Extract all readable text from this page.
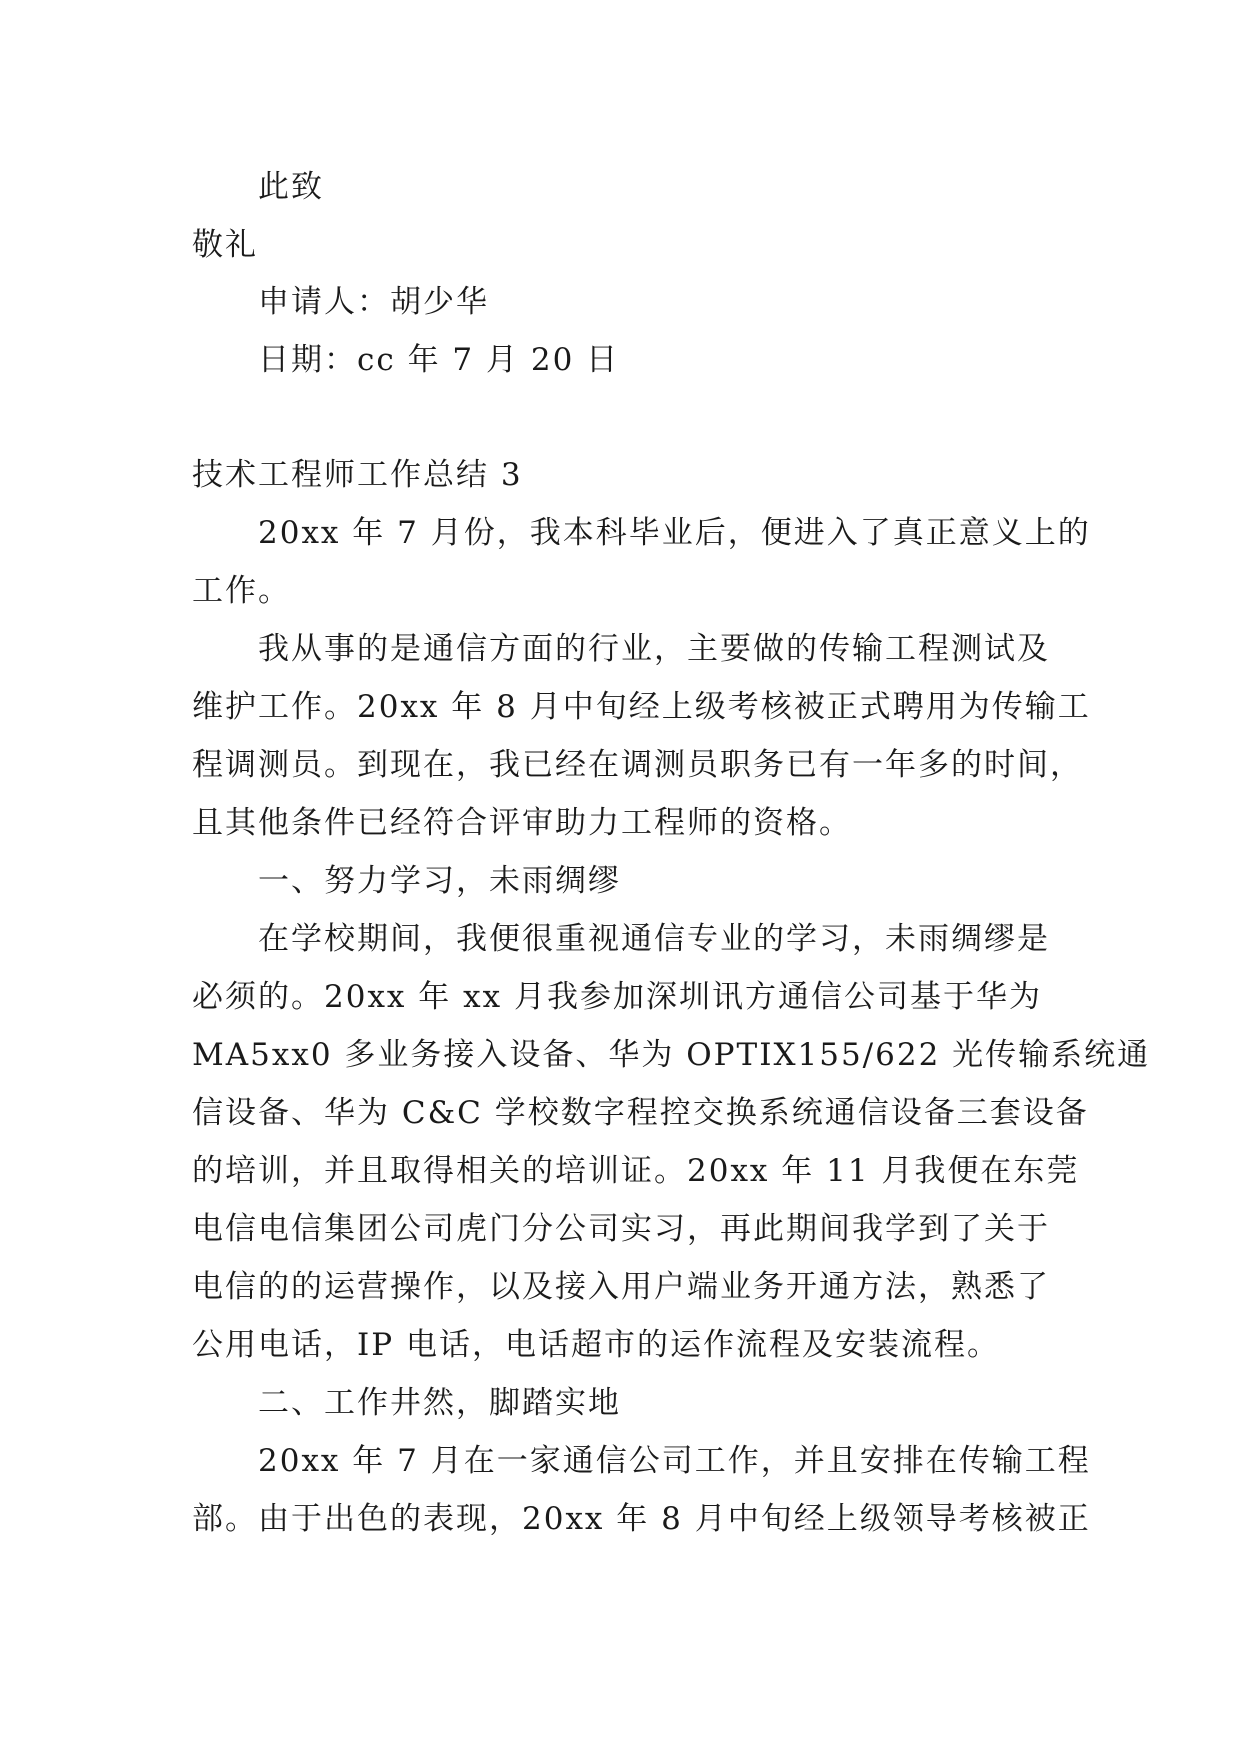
此致
敬礼
申请人：胡少华
日期：cc 年 7 月 20 日
技术工程师工作总结 3
20xx 年 7 月份，我本科毕业后，便进入了真正意义上的
工作。
我从事的是通信方面的行业，主要做的传输工程测试及
维护工作。20xx 年 8 月中旬经上级考核被正式聘用为传输工
程调测员。到现在，我已经在调测员职务已有一年多的时间，
且其他条件已经符合评审助力工程师的资格。
一、努力学习，未雨绸缪
在学校期间，我便很重视通信专业的学习，未雨绸缪是
必须的。20xx 年 xx 月我参加深圳讯方通信公司基于华为
MA5xx0 多业务接入设备、华为 OPTIX155/622 光传输系统通
信设备、华为 C&C 学校数字程控交换系统通信设备三套设备
的培训，并且取得相关的培训证。20xx 年 11 月我便在东莞
电信电信集团公司虎门分公司实习，再此期间我学到了关于
电信的的运营操作，以及接入用户端业务开通方法，熟悉了
公用电话，IP 电话，电话超市的运作流程及安装流程。
二、工作井然，脚踏实地
20xx 年 7 月在一家通信公司工作，并且安排在传输工程
部。由于出色的表现，20xx 年 8 月中旬经上级领导考核被正
